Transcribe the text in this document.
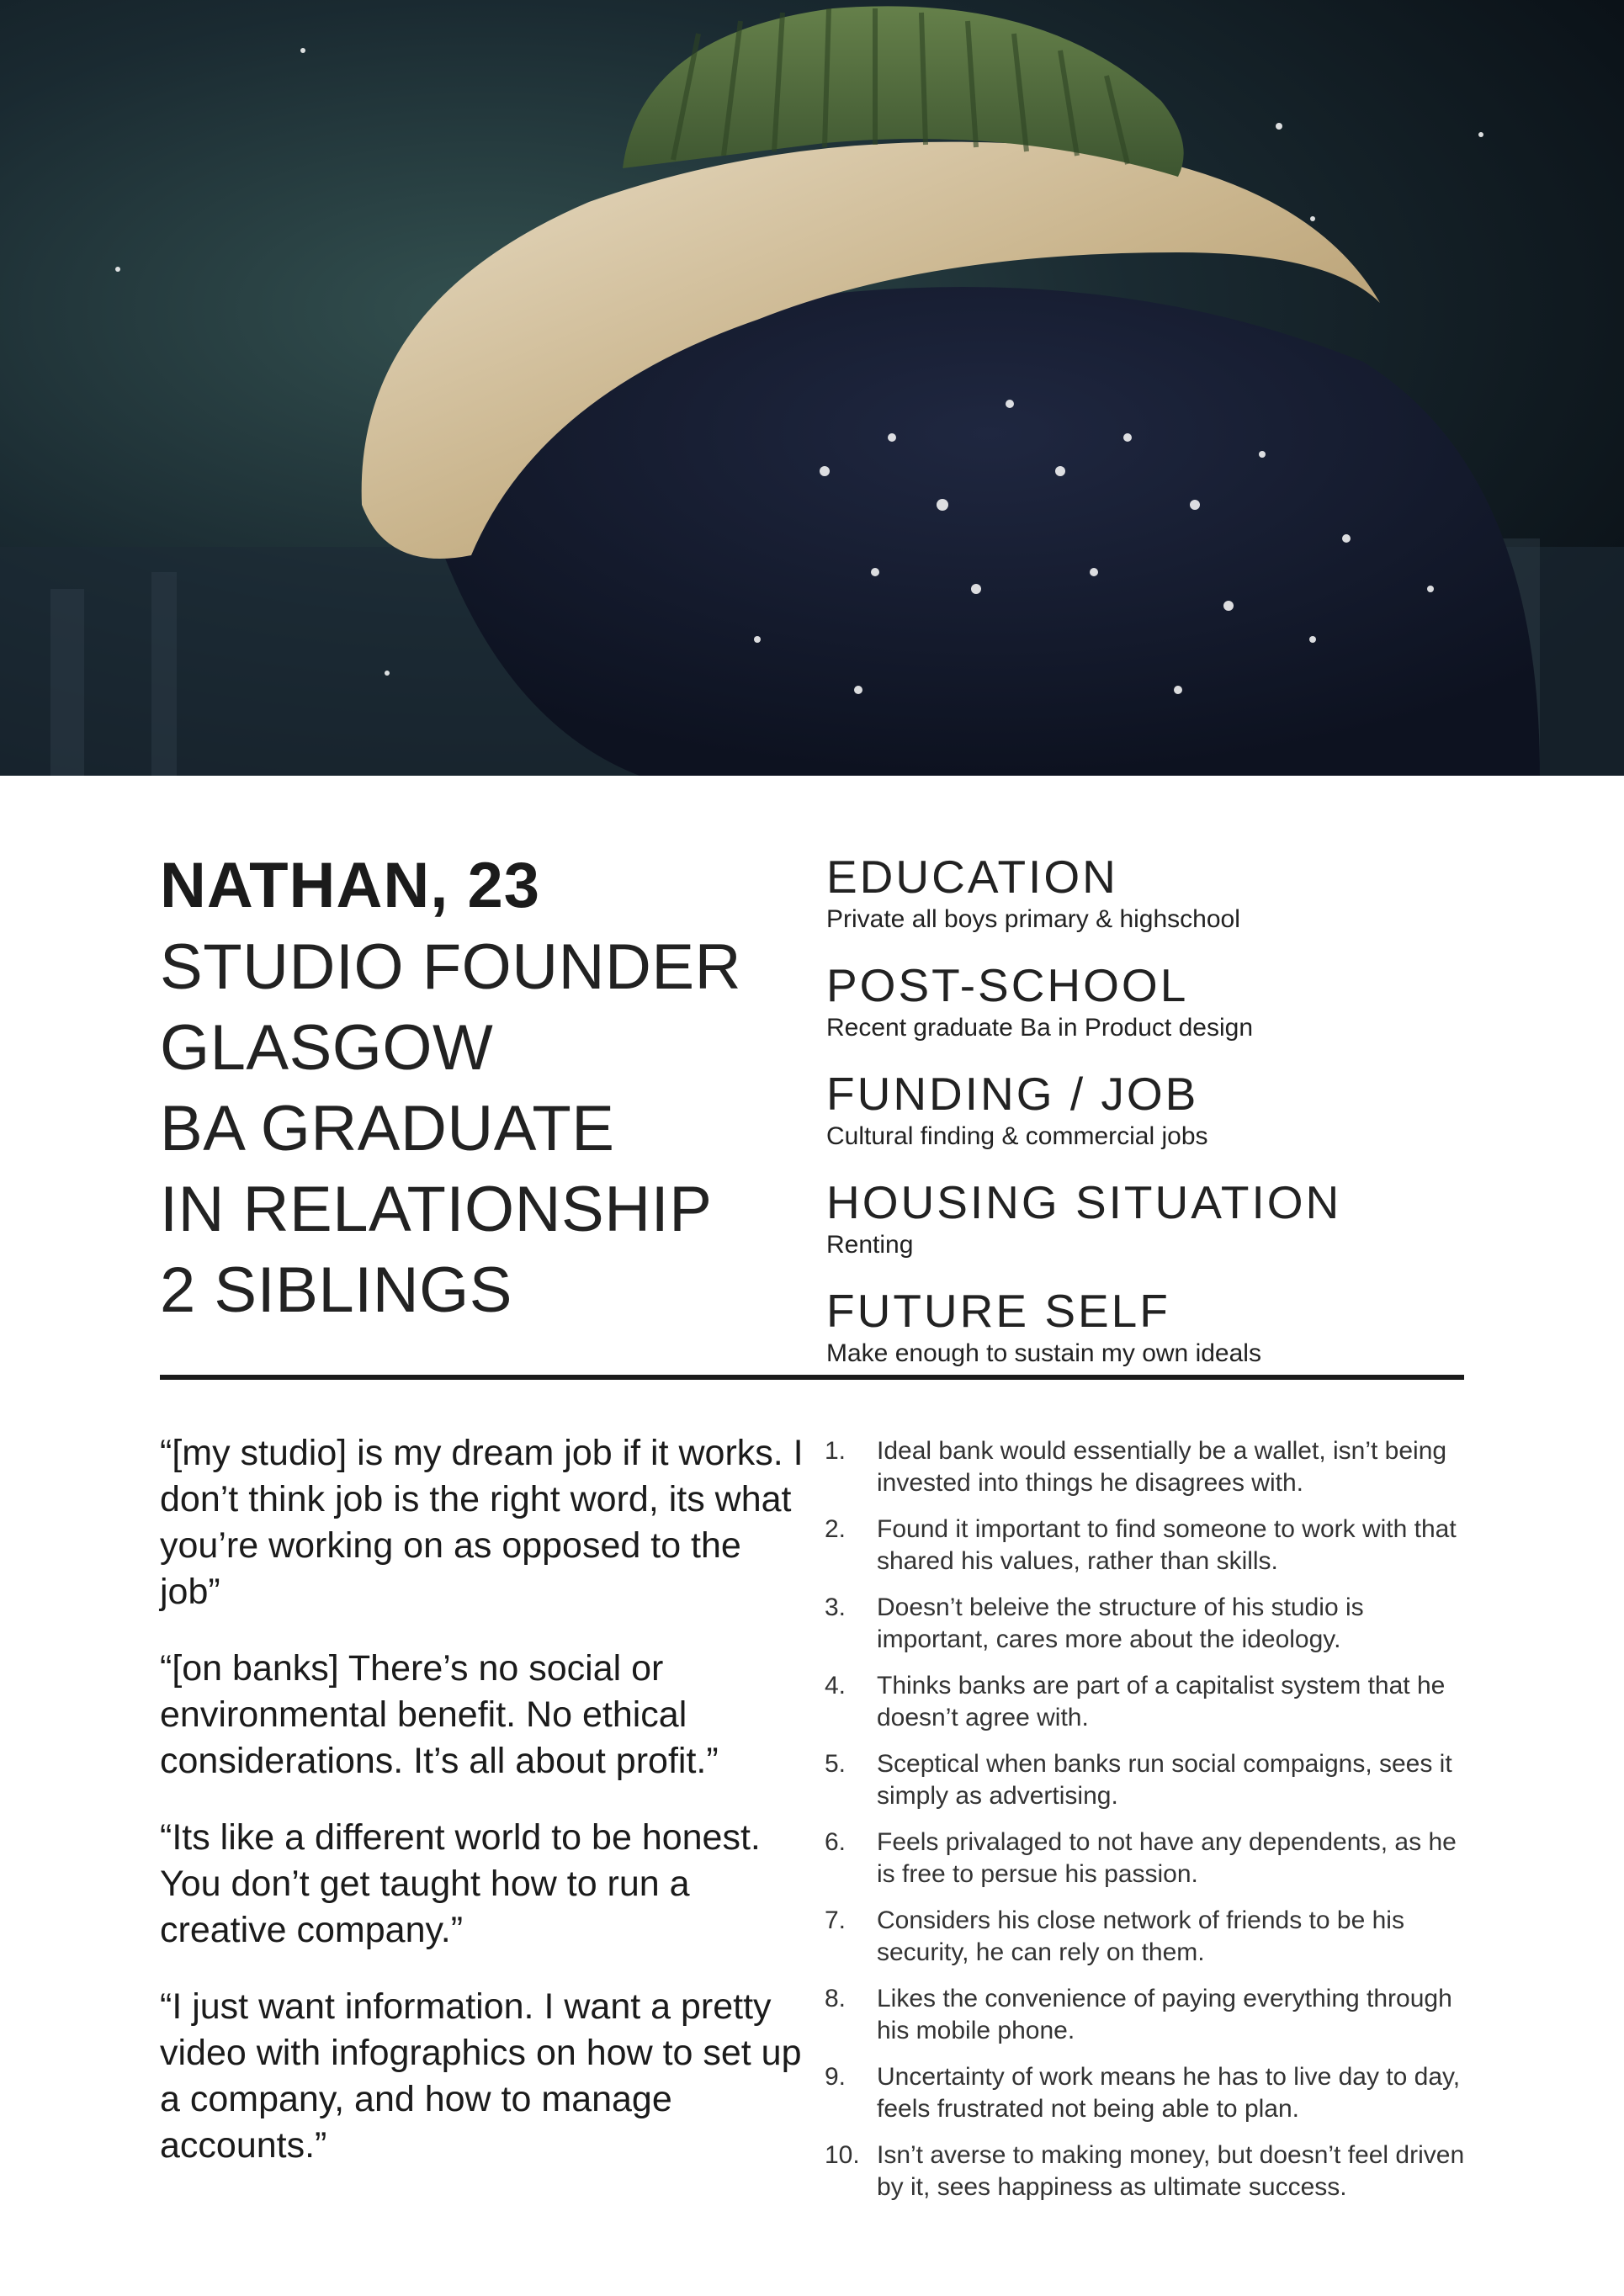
NATHAN, 23

STUDIO FOUNDER

GLASGOW

BA GRADUATE

IN RELATIONSHIP

2 SIBLINGS

EDUCATION
Private all boys primary & highschool
POST-SCHOOL
Recent graduate Ba in Product design
FUNDING / JOB
Cultural finding & commercial jobs
HOUSING SITUATION
Renting
FUTURE SELF
Make enough to sustain my own ideals

“[my studio] is my dream job if it works. I don’t think job is the right word, its what you’re working on as opposed to the job”

“[on banks] There’s no social or environmental benefit. No ethical considerations. It’s all about profit.”

“Its like a different world to be honest. You don’t get taught how to run a creative company.”

“I just want information. I want a pretty video with infographics on how to set up a company, and how to manage accounts.”

1.	Ideal bank would essentially be a wallet, isn’t being invested into things he disagrees with.
2.	Found it important to find someone to work with that shared his values, rather than skills.
3.	Doesn’t beleive the structure of his studio is important, cares more about the ideology.
4.	Thinks banks are part of a capitalist system that he doesn’t agree with.
5.	Sceptical when banks run social compaigns, sees it simply as advertising.
6.	Feels privalaged to not have any dependents, as he is free to persue his passion.
7.	Considers his close network of friends to be his security, he can rely on them.
8.	Likes the convenience of paying everything through his mobile phone.
9.	Uncertainty of work means he has to live day to day, feels frustrated not being able to plan.
10. Isn’t averse to making money, but doesn’t feel driven by it, sees happiness as ultimate success.
